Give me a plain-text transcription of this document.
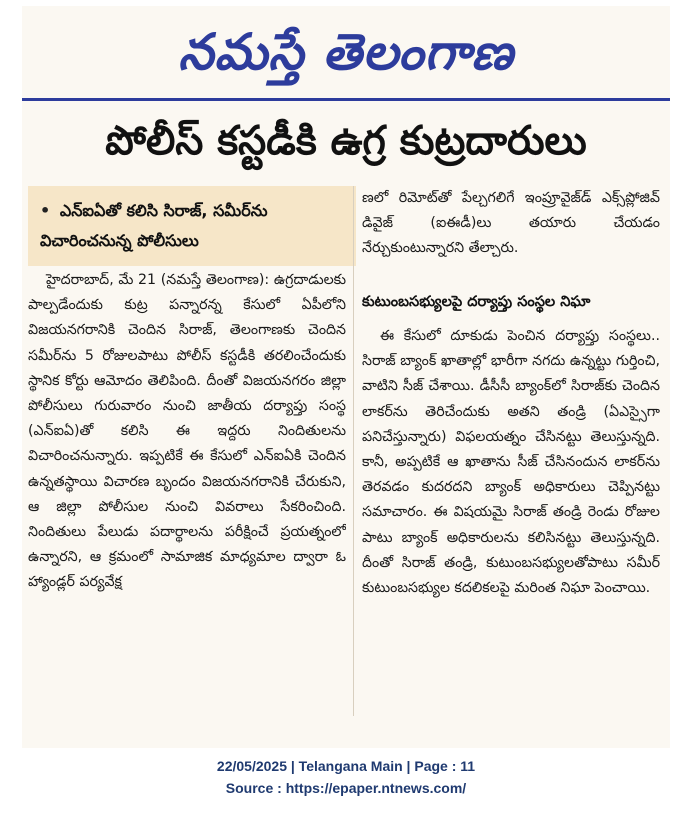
నమస్తే తెలంగాణ
పోలీస్ కస్టడీకి ఉగ్ర కుట్రదారులు
• ఎన్ఐఏతో కలిసి సిరాజ్, సమీర్‌ను విచారించనున్న పోలీసులు

హైదరాబాద్, మే 21 (నమస్తే తెలంగాణ): ఉగ్రదాడులకు పాల్పడేందుకు కుట్ర పన్నారన్న కేసులో ఏపీలోని విజయనగరానికి చెందిన సిరాజ్, తెలంగాణకు చెందిన సమీర్‌ను 5 రోజులపాటు పోలీస్ కస్టడీకి తరలించేందుకు స్థానిక కోర్టు ఆమోదం తెలిపింది. దీంతో విజయనగరం జిల్లా పోలీసులు గురువారం నుంచి జాతీయ దర్యాప్తు సంస్థ (ఎన్ఐఏ)తో కలిసి ఈ ఇద్దరు నిందితులను విచారించనున్నారు. ఇప్పటికే ఈ కేసులో ఎన్ఐఏకి చెందిన ఉన్నతస్థాయి విచారణ బృందం విజయనగరానికి చేరుకుని, ఆ జిల్లా పోలీసుల నుంచి వివరాలు సేకరించింది. నిందితులు పేలుడు పదార్థాలను పరీక్షించే ప్రయత్నంలో ఉన్నారని, ఆ క్రమంలో సామాజిక మాధ్యమాల ద్వారా ఓ హ్యాండ్లర్ పర్యవేక్ష

ణలో రిమోట్‌తో పేల్చగలిగే ఇంప్రూవైజ్‌డ్ ఎక్స్‌ప్లోజివ్ డివైజ్ (ఐఈడీ)లు తయారు చేయడం నేర్చుకుంటున్నారని తేల్చారు.

కుటుంబసభ్యులపై దర్యాప్తు సంస్థల నిఘా

ఈ కేసులో దూకుడు పెంచిన దర్యాప్తు సంస్థలు.. సిరాజ్ బ్యాంక్ ఖాతాల్లో భారీగా నగదు ఉన్నట్టు గుర్తించి, వాటిని సీజ్ చేశాయి. డీసీసీ బ్యాంక్‌లో సిరాజ్‌కు చెందిన లాకర్‌ను తెరిచేందుకు అతని తండ్రి (ఏఎస్సైగా పనిచేస్తున్నారు) విఫలయత్నం చేసినట్టు తెలుస్తున్నది. కానీ, అప్పటికే ఆ ఖాతాను సీజ్ చేసినందున లాకర్‌ను తెరవడం కుదరదని బ్యాంక్ అధికారులు చెప్పినట్టు సమాచారం. ఈ విషయమై సిరాజ్ తండ్రి రెండు రోజుల పాటు బ్యాంక్ అధికారులను కలిసినట్టు తెలుస్తున్నది. దీంతో సిరాజ్ తండ్రి, కుటుంబసభ్యులతోపాటు సమీర్ కుటుంబసభ్యుల కదలికలపై మరింత నిఘా పెంచాయి.

22/05/2025 | Telangana Main | Page : 11
Source : https://epaper.ntnews.com/
